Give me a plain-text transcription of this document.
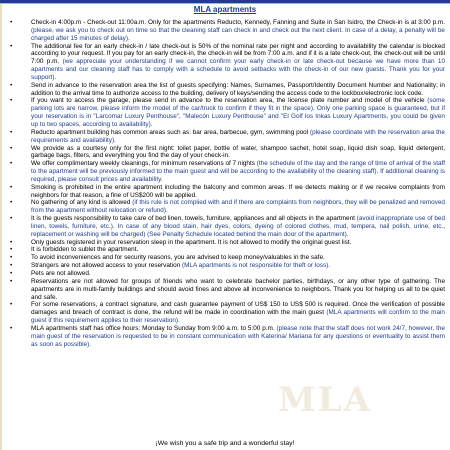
MLA
MLA apartments
•	Check-in 4:00p.m - Check-out 11:00a.m. Only for the apartments Reducto, Kennedy, Fanning and Suite in San Isidro, the Check-in is at 3:00 p.m. (please, we ask you to check out on time so that the cleaning staff can check in and check out the next client. In case of a delay, a penalty will be charged after 15 minutes of delay).
•	The additional fee for an early check-in / late check-out is 50% of the nominal rate per night and according to availability the calendar is blocked according to your request. If you pay for an early check-in, the check-in will be from 7:00 a.m. and if it is a late check-out, the check-out will be until 7:00 p.m. (we appreciate your understanding if we cannot confirm your early check-in or late check-out because we have more than 10 apartments and our cleaning staff has to comply with a schedule to avoid setbacks with the check-in of our new guests. Thank you for your support).
•	Send in advance to the reservation area the list of guests specifying: Names, Surnames, Passport/Identity Document Number and Nationality; in addition to the arrival time to authorize access to the building, delivery of keys/sending the access code to the lockbox/electronic lock code.
•	If you want to access the garage, please send in advance to the reservation area, the license plate number and model of the vehicle (some parking lots are narrow, please inform the model of the car/truck to confirm if they fit in the space). Only one parking space is guaranteed, but if your reservation is in "Larcomar Luxury Penthouse", "Malecón Luxury Penthouse" and "El Golf los Inkas Luxury Apartments, you could be given up to two spaces, according to availability).
•	Reducto apartment building has common areas such as: bar area, barbecue, gym, swimming pool (please coordinate with the reservation area the requirements and availability).
•	We provide as a courtesy only for the first night: toilet paper, bottle of water, shampoo sachet, hotel soap, liquid dish soap, liquid detergent, garbage bags, filters, and everything you find the day of your check-in.
•	We offer complimentary weekly cleanings, for minimum reservations of 7 nights (the schedule of the day and the range of time of arrival of the staff to the apartment will be previously informed to the main guest and will be according to the availability of the cleaning staff). If additional cleaning is required, please consult prices and availability.
•	Smoking is prohibited in the entire apartment including the balcony and common areas. If we detects making or if we receive complaints from neighbors for that reason, a fine of US$200 will be applied.
•	No gathering of any kind is allowed (if this rule is not complied with and if there are complaints from neighbors, they will be penalized and removed from the apartment without relocation or refund).
•	It is the guests responsibility to take care of bed linen, towels, furniture, appliances and all objects in the apartment (avoid inappropriate use of bed linen, towels, furniture, etc.). In case of any blood stain, hair dyes, colors, dyeing of colored clothes, mud, tempera, nail polish, urine, etc., replacement or washing will be charged) (See Penalty Schedule located behind the main door of the apartment).
•	Only guests registered in your reservation sleep in the apartment. It is not allowed to modify the original guest list.
•	It is forbidden to sublet the apartment.
•	To avoid inconveniences and for security reasons, you are advised to keep money/valuables in the safe.
•	Strangers are not allowed access to your reservation (MLA apartments is not responsible for theft or loss).
•	Pets are not allowed.
•	Reservations are not allowed for groups of friends who want to celebrate bachelor parties, birthdays, or any other type of gathering. The apartments are in multi-family buildings and should avoid fines and above all inconvenience to neighbors. Thank you for helping us all to be quiet and safe.
•	For some reservations, a contract signature, and cash guarantee payment of US$ 150 to US$ 500 is required. Once the verification of possible damages and breach of contract is done, the refund will be made in coordination with the main guest (MLA apartments will confirm to the main guest if this requirement applies to their reservation).
•	MLA apartments staff has office hours: Monday to Sunday from 9:00 a.m. to 5:00 p.m. (please note that the staff does not work 24/7, however, the main guest of the reservation is requested to be in constant communication with Katerina/ Mariana for any questions or eventuality to assist them as soon as possible).
¡We wish you a safe trip and a wonderful stay!
